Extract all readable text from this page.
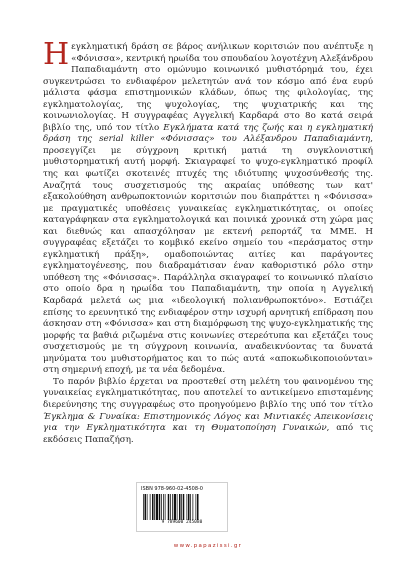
Η εγκληματική δράση σε βάρος ανήλικων κοριτσιών που ανέπτυξε η «Φόνισσα», κεντρική ηρωίδα του σπουδαίου λογοτέχνη Αλεξάνδρου Παπαδιαμάντη στο ομώνυμο κοινωνικό μυθιστόρημά του, έχει συγκεντρώσει το ενδιαφέρον μελετητών ανά τον κόσμο από ένα ευρύ μάλιστα φάσμα επιστημονικών κλάδων, όπως της φιλολογίας, της εγκληματολογίας, της ψυχολογίας, της ψυχιατρικής και της κοινωνιολογίας. Η συγγραφέας Αγγελική Καρδαρά στο 8ο κατά σειρά βιβλίο της, υπό τον τίτλο Εγκλήματα κατά της ζωής και η εγκληματική δράση της serial killer «Φόνισσας» του Αλέξανδρου Παπαδιαμάντη, προσεγγίζει με σύγχρονη κριτική ματιά τη συγκλονιστική μυθιστορηματική αυτή μορφή. Σκιαγραφεί το ψυχο-εγκληματικό προφίλ της και φωτίζει σκοτεινές πτυχές της ιδιότυπης ψυχοσύνθεσής της. Αναζητά τους συσχετισμούς της ακραίας υπόθεσης των κατ' εξακολούθηση ανθρωποκτονιών κοριτσιών που διαπράττει η «Φόνισσα» με πραγματικές υποθέσεις γυναικείας εγκληματικότητας, οι οποίες καταγράφηκαν στα εγκληματολογικά και ποινικά χρονικά στη χώρα μας και διεθνώς και απασχόλησαν με εκτενή ρεπορτάζ τα ΜΜΕ. Η συγγραφέας εξετάζει το κομβικό εκείνο σημείο του «περάσματος στην εγκληματική πράξη», ομαδοποιώντας αιτίες και παράγοντες εγκληματογένεσης, που διαδραμάτισαν έναν καθοριστικό ρόλο στην υπόθεση της «Φόνισσας». Παράλληλα σκιαγραφεί το κοινωνικό πλαίσιο στο οποίο δρα η ηρωίδα του Παπαδιαμάντη, την οποία η Αγγελική Καρδαρά μελετά ως μια «ιδεολογική πολιανθρωποκτόνο». Εστιάζει επίσης το ερευνητικό της ενδιαφέρον στην ισχυρή αρνητική επίδραση που άσκησαν στη «Φόνισσα» και στη διαμόρφωση της ψυχο-εγκληματικής της μορφής τα βαθιά ριζωμένα στις κοινωνίες στερεότυπα και εξετάζει τους συσχετισμούς με τη σύγχρονη κοινωνία, αναδεικνύοντας τα δυνατά μηνύματα του μυθιστορήματος και το πώς αυτά «αποκωδικοποιούνται» στη σημερινή εποχή, με τα νέα δεδομένα.

Το παρόν βιβλίο έρχεται να προστεθεί στη μελέτη του φαινομένου της γυναικείας εγκληματικότητας, που αποτελεί το αντικείμενο επισταμένης διερεύνησης της συγγραφέως στο προηγούμενο βιβλίο της υπό τον τίτλο Έγκλημα & Γυναίκα: Επιστημονικός Λόγος και Μιντιακές Απεικονίσεις για την Εγκληματικότητα και τη Θυματοποίηση Γυναικών, από τις εκδόσεις Παπαζήση.

ISBN 978-960-02-4508-0
9 789600 245080
www.papazissi.gr
